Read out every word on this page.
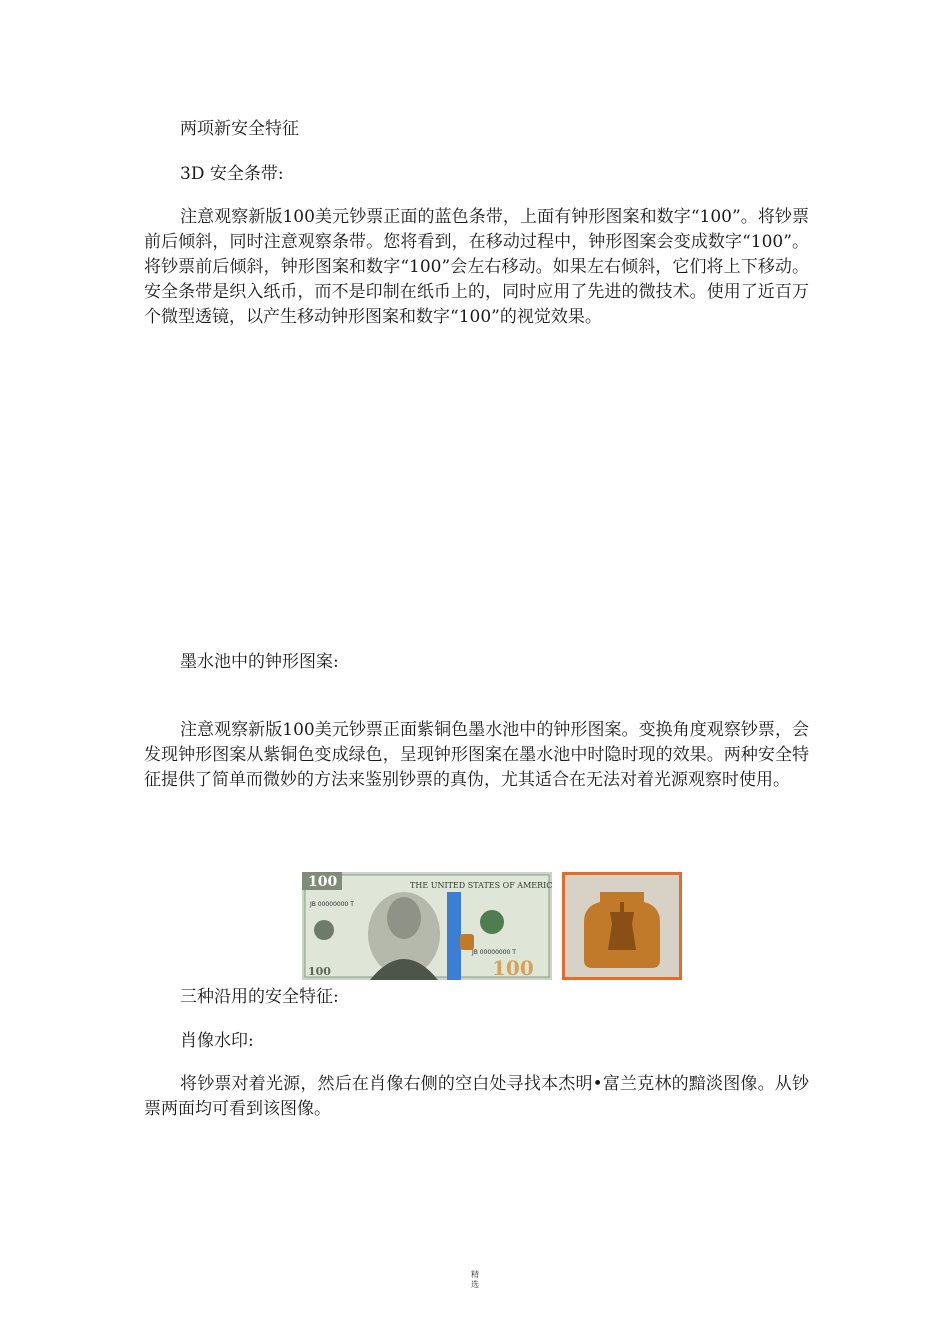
两项新安全特征

3D 安全条带:

注意观察新版100美元钞票正面的蓝色条带，上面有钟形图案和数字“100”。将钞票前后倾斜，同时注意观察条带。您将看到，在移动过程中，钟形图案会变成数字“100”。将钞票前后倾斜，钟形图案和数字“100”会左右移动。如果左右倾斜，它们将上下移动。安全条带是织入纸币，而不是印制在纸币上的，同时应用了先进的微技术。使用了近百万个微型透镜，以产生移动钟形图案和数字“100”的视觉效果。

墨水池中的钟形图案:

注意观察新版100美元钞票正面紫铜色墨水池中的钟形图案。变换角度观察钞票，会发现钟形图案从紫铜色变成绿色，呈现钟形图案在墨水池中时隐时现的效果。两种安全特征提供了简单而微妙的方法来鉴别钞票的真伪，尤其适合在无法对着光源观察时使用。

100	THE UNITED STATES OF AMERICA
JB 00000000 T
JB 00000000 T
100
100

三种沿用的安全特征:

肖像水印:

将钞票对着光源，然后在肖像右侧的空白处寻找本杰明•富兰克林的黯淡图像。从钞票两面均可看到该图像。

精
选
